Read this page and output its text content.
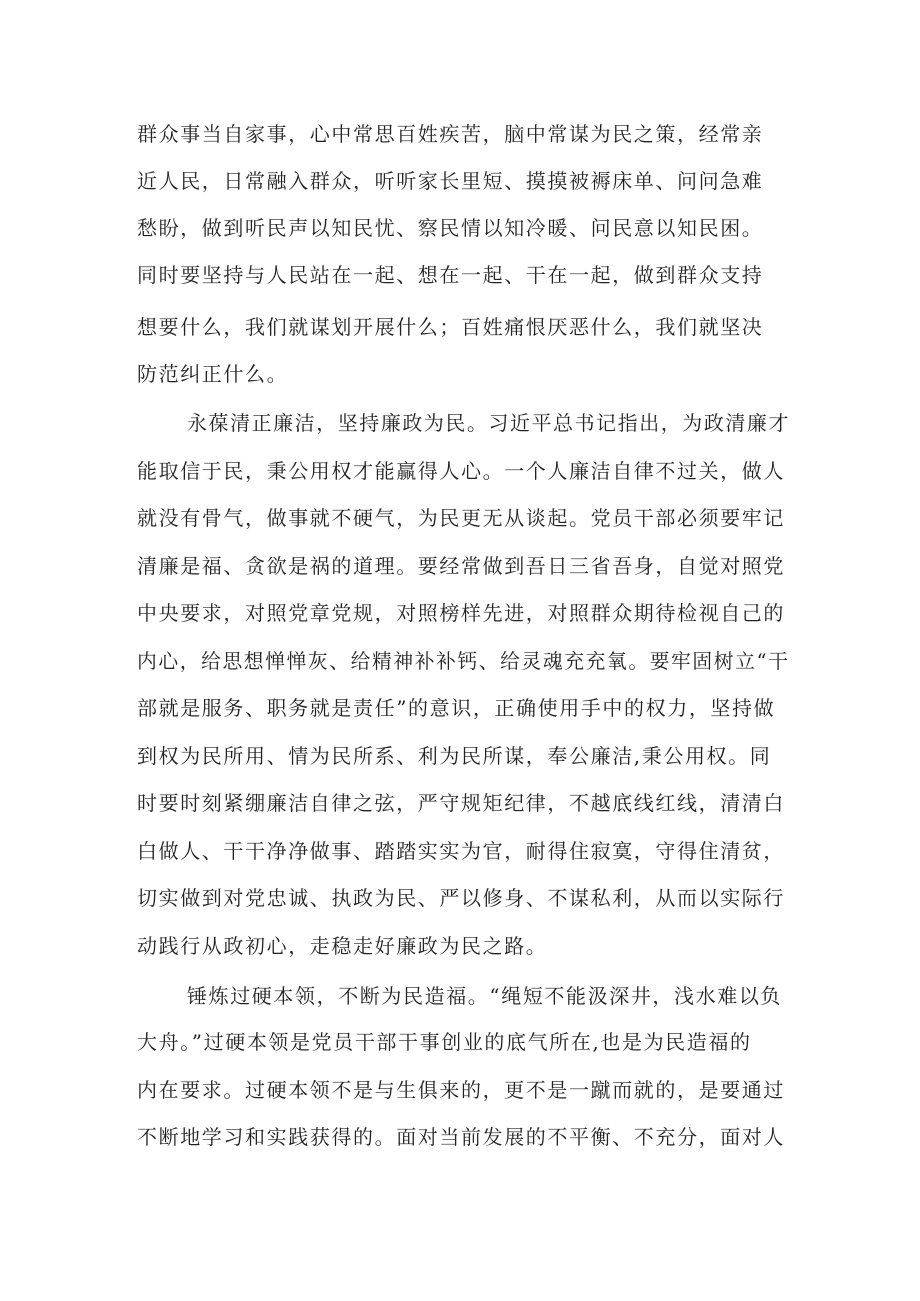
群众事当自家事，心中常思百姓疾苦，脑中常谋为民之策，经常亲
近人民，日常融入群众，听听家长里短、摸摸被褥床单、问问急难
愁盼，做到听民声以知民忧、察民情以知冷暖、问民意以知民困。
同时要坚持与人民站在一起、想在一起、干在一起，做到群众支持
想要什么，我们就谋划开展什么；百姓痛恨厌恶什么，我们就坚决
防范纠正什么。
永葆清正廉洁，坚持廉政为民。习近平总书记指出，为政清廉才
能取信于民，秉公用权才能赢得人心。一个人廉洁自律不过关，做人
就没有骨气，做事就不硬气，为民更无从谈起。党员干部必须要牢记
清廉是福、贪欲是祸的道理。要经常做到吾日三省吾身，自觉对照党
中央要求，对照党章党规，对照榜样先进，对照群众期待检视自己的
内心，给思想惮惮灰、给精神补补钙、给灵魂充充氧。要牢固树立“干
部就是服务、职务就是责任”的意识，正确使用手中的权力，坚持做
到权为民所用、情为民所系、利为民所谋，奉公廉洁,秉公用权。同
时要时刻紧绷廉洁自律之弦，严守规矩纪律，不越底线红线，清清白
白做人、干干净净做事、踏踏实实为官，耐得住寂寞，守得住清贫，
切实做到对党忠诚、执政为民、严以修身、不谋私利，从而以实际行
动践行从政初心，走稳走好廉政为民之路。
锤炼过硬本领，不断为民造福。“绳短不能汲深井，浅水难以负
大舟。”过硬本领是党员干部干事创业的底气所在,也是为民造福的
内在要求。过硬本领不是与生俱来的，更不是一蹴而就的，是要通过
不断地学习和实践获得的。面对当前发展的不平衡、不充分，面对人
